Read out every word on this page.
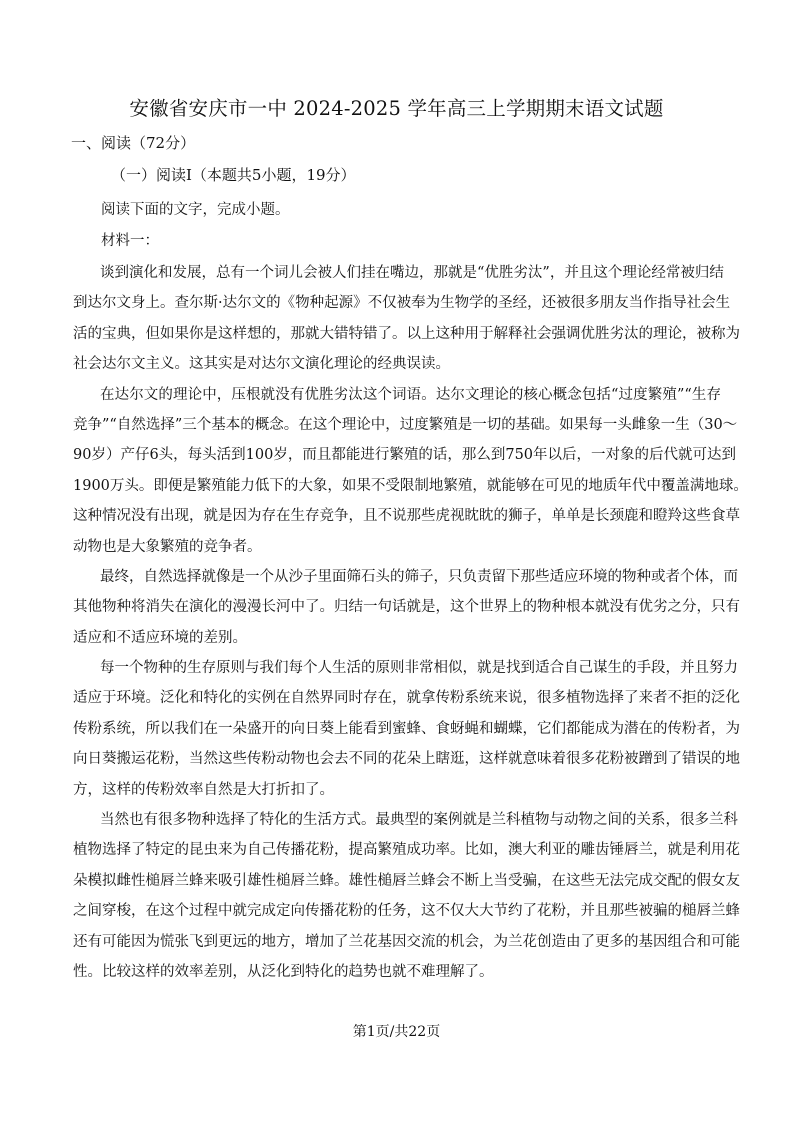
安徽省安庆市一中 2024-2025 学年高三上学期期末语文试题
一、阅读（72分）
（一）阅读Ⅰ（本题共5小题，19分）
阅读下面的文字，完成小题。
材料一：
谈到演化和发展，总有一个词儿会被人们挂在嘴边，那就是“优胜劣汰”，并且这个理论经常被归结
到达尔文身上。查尔斯·达尔文的《物种起源》不仅被奉为生物学的圣经，还被很多朋友当作指导社会生
活的宝典，但如果你是这样想的，那就大错特错了。以上这种用于解释社会强调优胜劣汰的理论，被称为
社会达尔文主义。这其实是对达尔文演化理论的经典误读。
在达尔文的理论中，压根就没有优胜劣汰这个词语。达尔文理论的核心概念包括“过度繁殖”“生存
竞争”“自然选择”三个基本的概念。在这个理论中，过度繁殖是一切的基础。如果每一头雌象一生（30～
90岁）产仔6头，每头活到100岁，而且都能进行繁殖的话，那么到750年以后，一对象的后代就可达到
1900万头。即便是繁殖能力低下的大象，如果不受限制地繁殖，就能够在可见的地质年代中覆盖满地球。
这种情况没有出现，就是因为存在生存竞争，且不说那些虎视眈眈的狮子，单单是长颈鹿和瞪羚这些食草
动物也是大象繁殖的竞争者。
最终，自然选择就像是一个从沙子里面筛石头的筛子，只负责留下那些适应环境的物种或者个体，而
其他物种将消失在演化的漫漫长河中了。归结一句话就是，这个世界上的物种根本就没有优劣之分，只有
适应和不适应环境的差别。
每一个物种的生存原则与我们每个人生活的原则非常相似，就是找到适合自己谋生的手段，并且努力
适应于环境。泛化和特化的实例在自然界同时存在，就拿传粉系统来说，很多植物选择了来者不拒的泛化
传粉系统，所以我们在一朵盛开的向日葵上能看到蜜蜂、食蚜蝇和蝴蝶，它们都能成为潜在的传粉者，为
向日葵搬运花粉，当然这些传粉动物也会去不同的花朵上瞎逛，这样就意味着很多花粉被蹭到了错误的地
方，这样的传粉效率自然是大打折扣了。
当然也有很多物种选择了特化的生活方式。最典型的案例就是兰科植物与动物之间的关系，很多兰科
植物选择了特定的昆虫来为自己传播花粉，提高繁殖成功率。比如，澳大利亚的雕齿锤唇兰，就是利用花
朵模拟雌性槌唇兰蜂来吸引雄性槌唇兰蜂。雄性槌唇兰蜂会不断上当受骗，在这些无法完成交配的假女友
之间穿梭，在这个过程中就完成定向传播花粉的任务，这不仅大大节约了花粉，并且那些被骗的槌唇兰蜂
还有可能因为慌张飞到更远的地方，增加了兰花基因交流的机会，为兰花创造由了更多的基因组合和可能
性。比较这样的效率差别，从泛化到特化的趋势也就不难理解了。
第1页/共22页
